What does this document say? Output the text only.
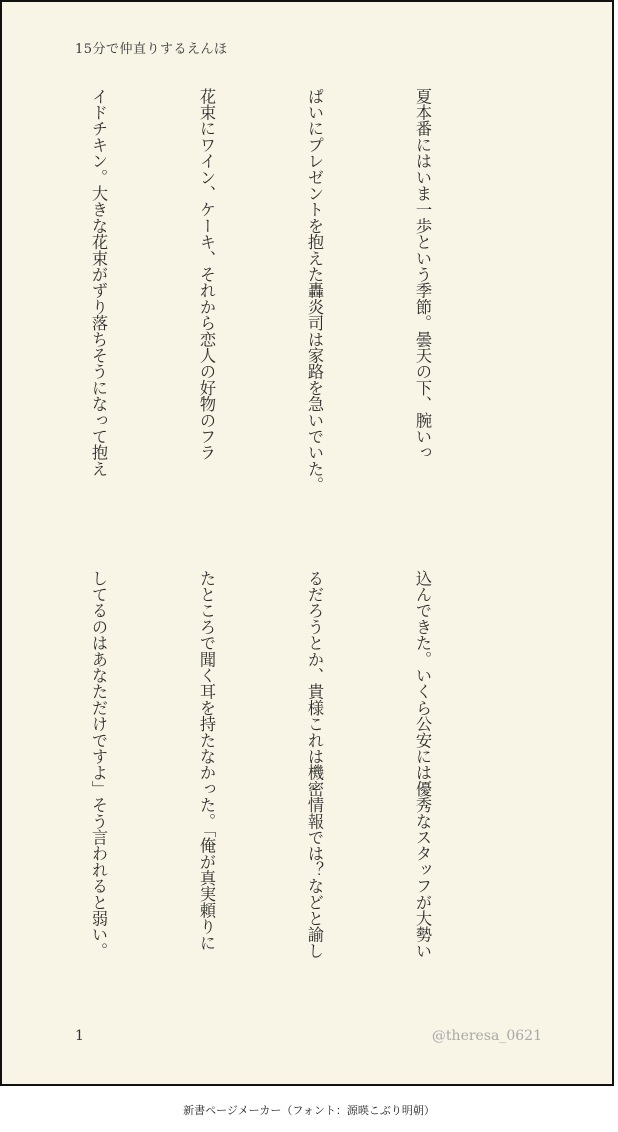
15分で仲直りするえんほ

夏本番にはいま一歩という季節。曇天の下、腕いっ

ぱいにプレゼントを抱えた轟炎司は家路を急いでいた。

花束にワイン、ケーキ、それから恋人の好物のフラ

イドチキン。大きな花束がずり落ちそうになって抱え

込んできた。いくら公安には優秀なスタッフが大勢い

るだろうとか、貴様これは機密情報では？などと諭し

たところで聞く耳を持たなかった。「俺が真実頼りに

してるのはあなただけですよ」そう言われると弱い。

1	@theresa_0621
新書ページメーカー（フォント：源暎こぶり明朝）
